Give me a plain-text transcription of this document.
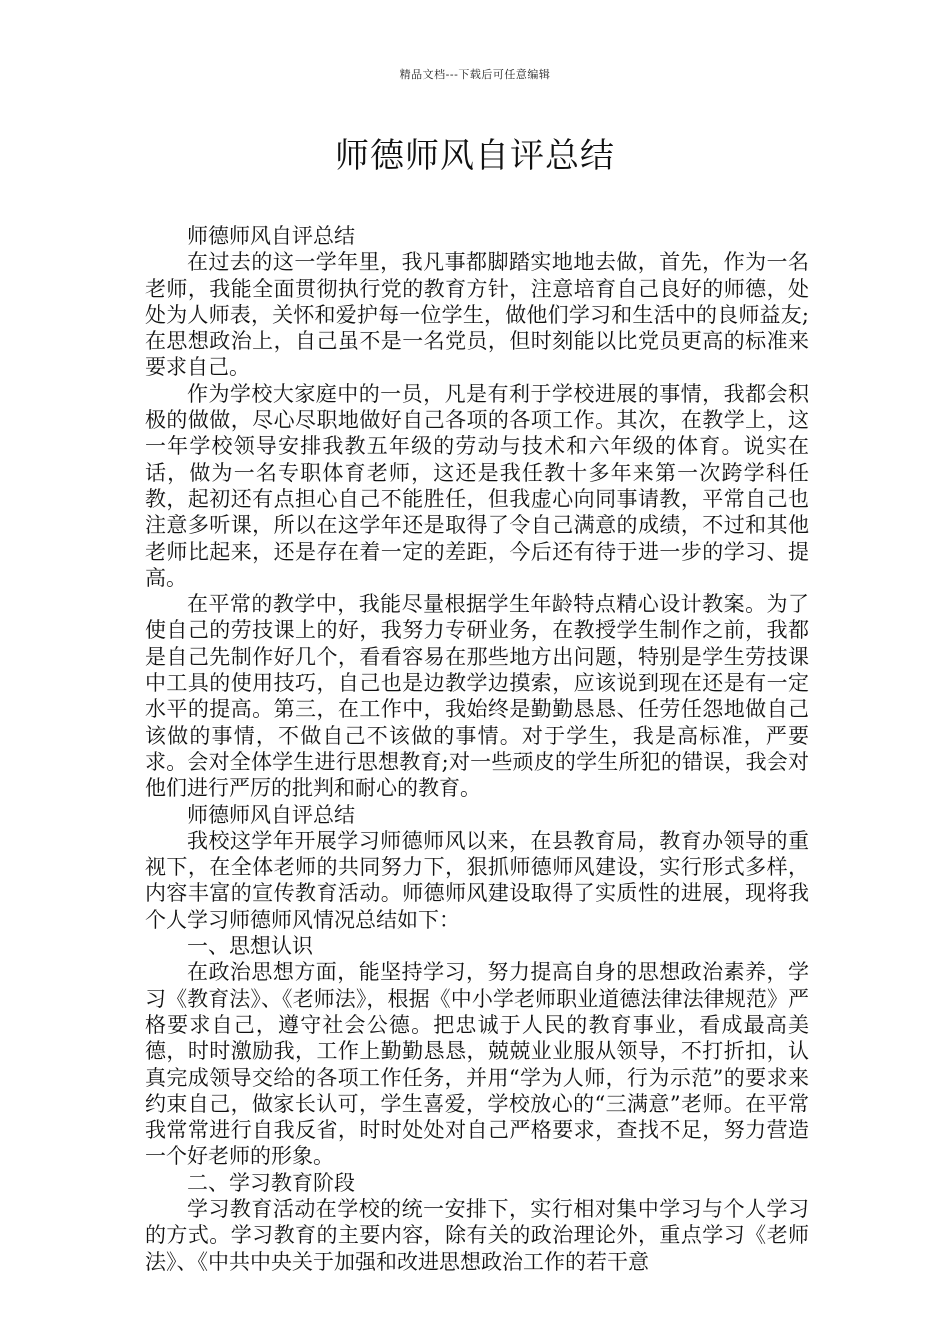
精品文档---下载后可任意编辑
师德师风自评总结

师德师风自评总结

在过去的这一学年里，我凡事都脚踏实地地去做，首先，作为一名老师，我能全面贯彻执行党的教育方针，注意培育自己良好的师德，处处为人师表，关怀和爱护每一位学生，做他们学习和生活中的良师益友;在思想政治上，自己虽不是一名党员，但时刻能以比党员更高的标准来要求自己。

作为学校大家庭中的一员，凡是有利于学校进展的事情，我都会积极的做做，尽心尽职地做好自己各项的各项工作。其次，在教学上，这一年学校领导安排我教五年级的劳动与技术和六年级的体育。说实在话，做为一名专职体育老师，这还是我任教十多年来第一次跨学科任教，起初还有点担心自己不能胜任，但我虚心向同事请教，平常自己也注意多听课，所以在这学年还是取得了令自己满意的成绩，不过和其他老师比起来，还是存在着一定的差距，今后还有待于进一步的学习、提高。

在平常的教学中，我能尽量根据学生年龄特点精心设计教案。为了使自己的劳技课上的好，我努力专研业务，在教授学生制作之前，我都是自己先制作好几个，看看容易在那些地方出问题，特别是学生劳技课中工具的使用技巧，自己也是边教学边摸索，应该说到现在还是有一定水平的提高。第三，在工作中，我始终是勤勤恳恳、任劳任怨地做自己该做的事情，不做自己不该做的事情。对于学生，我是高标准，严要求。会对全体学生进行思想教育;对一些顽皮的学生所犯的错误，我会对他们进行严厉的批判和耐心的教育。

师德师风自评总结

我校这学年开展学习师德师风以来，在县教育局，教育办领导的重视下，在全体老师的共同努力下，狠抓师德师风建设，实行形式多样，内容丰富的宣传教育活动。师德师风建设取得了实质性的进展，现将我个人学习师德师风情况总结如下：

一、思想认识

在政治思想方面，能坚持学习，努力提高自身的思想政治素养，学习《教育法》、《老师法》，根据《中小学老师职业道德法律法律规范》严格要求自己，遵守社会公德。把忠诚于人民的教育事业，看成最高美德，时时激励我，工作上勤勤恳恳，兢兢业业服从领导，不打折扣，认真完成领导交给的各项工作任务，并用“学为人师，行为示范”的要求来约束自己，做家长认可，学生喜爱，学校放心的“三满意”老师。在平常我常常进行自我反省，时时处处对自己严格要求，查找不足，努力营造一个好老师的形象。

二、学习教育阶段

学习教育活动在学校的统一安排下，实行相对集中学习与个人学习的方式。学习教育的主要内容，除有关的政治理论外，重点学习《老师法》、《中共中央关于加强和改进思想政治工作的若干意
